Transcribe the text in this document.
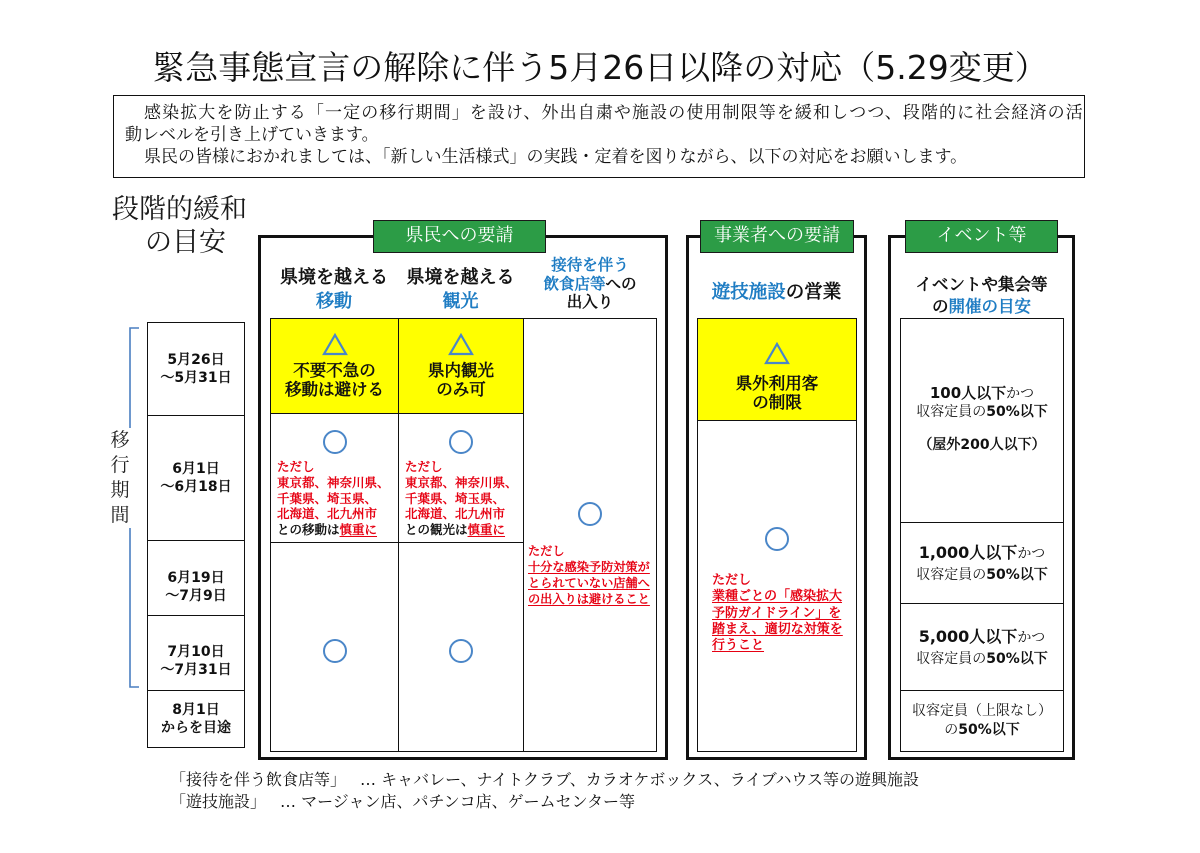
緊急事態宣言の解除に伴う5月26日以降の対応（5.29変更）
感染拡大を防止する「一定の移行期間」を設け、外出自粛や施設の使用制限等を緩和しつつ、段階的に社会経済の活
動レベルを引き上げていきます。
県民の皆様におかれましては、「新しい生活様式」の実践・定着を図りながら、以下の対応をお願いします。
段階的緩和
の目安
移行期間
5月26日
～5月31日
6月1日
～6月18日
6月19日
～7月9日
7月10日
～7月31日
8月1日
からを目途
県民への要請
県境を越える
移動
県境を越える
観光
接待を伴う
飲食店等への
出入り
不要不急の
移動は避ける
ただし
東京都、神奈川県、
千葉県、埼玉県、
北海道、北九州市
との移動は慎重に
県内観光
のみ可
ただし
東京都、神奈川県、
千葉県、埼玉県、
北海道、北九州市
との観光は慎重に
ただし
十分な感染予防対策が
とられていない店舗へ
の出入りは避けること
事業者への要請
遊技施設の営業
県外利用客
の制限
ただし
業種ごとの「感染拡大
予防ガイドライン」を
踏まえ、適切な対策を
行うこと
イベント等
イベントや集会等
の開催の目安
100人以下かつ
収容定員の50%以下
（屋外200人以下）
1,000人以下かつ
収容定員の50%以下
5,000人以下かつ
収容定員の50%以下
収容定員（上限なし）
の50%以下
「接待を伴う飲食店等」 … キャバレー、ナイトクラブ、カラオケボックス、ライブハウス等の遊興施設
「遊技施設」 … マージャン店、パチンコ店、ゲームセンター等
